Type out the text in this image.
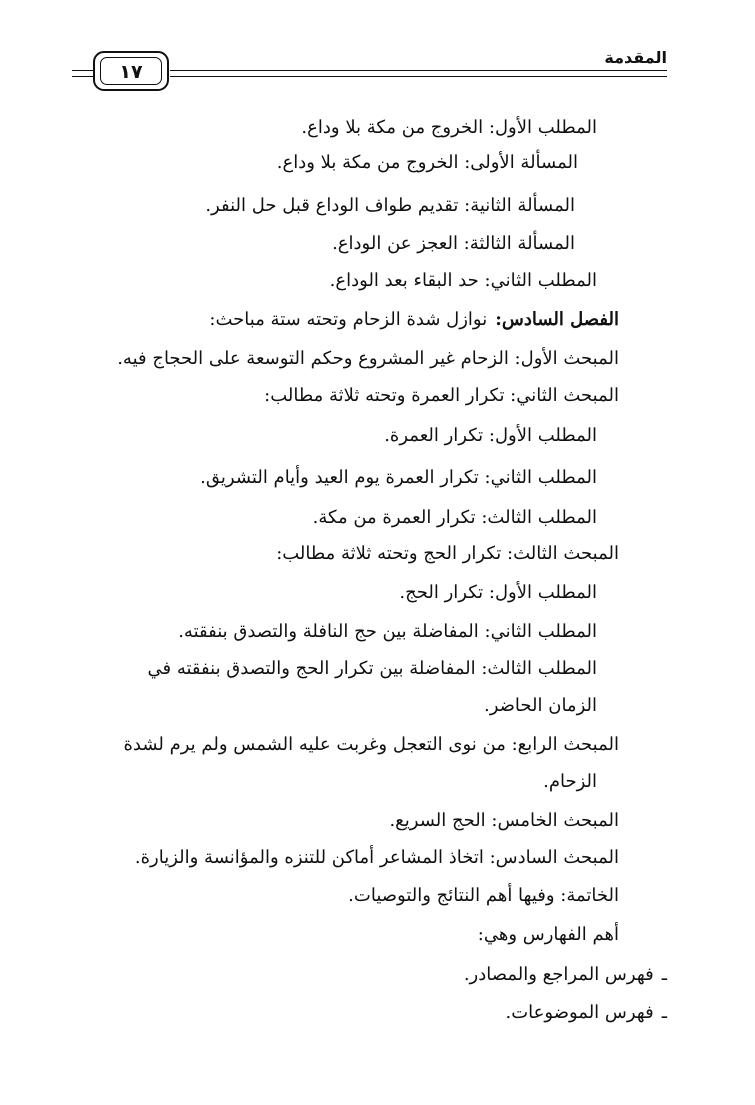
المقدمة
١٧
المطلب الأول: الخروج من مكة بلا وداع.
المسألة الأولى: الخروج من مكة بلا وداع.
المسألة الثانية: تقديم طواف الوداع قبل حل النفر.
المسألة الثالثة: العجز عن الوداع.
المطلب الثاني: حد البقاء بعد الوداع.
الفصل السادس:نوازل شدة الزحام وتحته ستة مباحث:
المبحث الأول: الزحام غير المشروع وحكم التوسعة على الحجاج فيه.
المبحث الثاني: تكرار العمرة وتحته ثلاثة مطالب:
المطلب الأول: تكرار العمرة.
المطلب الثاني: تكرار العمرة يوم العيد وأيام التشريق.
المطلب الثالث: تكرار العمرة من مكة.
المبحث الثالث: تكرار الحج وتحته ثلاثة مطالب:
المطلب الأول: تكرار الحج.
المطلب الثاني: المفاضلة بين حج النافلة والتصدق بنفقته.
المطلب الثالث: المفاضلة بين تكرار الحج والتصدق بنفقته في
الزمان الحاضر.
المبحث الرابع: من نوى التعجل وغربت عليه الشمس ولم يرم لشدة
الزحام.
المبحث الخامس: الحج السريع.
المبحث السادس: اتخاذ المشاعر أماكن للتنزه والمؤانسة والزيارة.
الخاتمة: وفيها أهم النتائج والتوصيات.
أهم الفهارس وهي:
ـفهرس المراجع والمصادر.
ـفهرس الموضوعات.
